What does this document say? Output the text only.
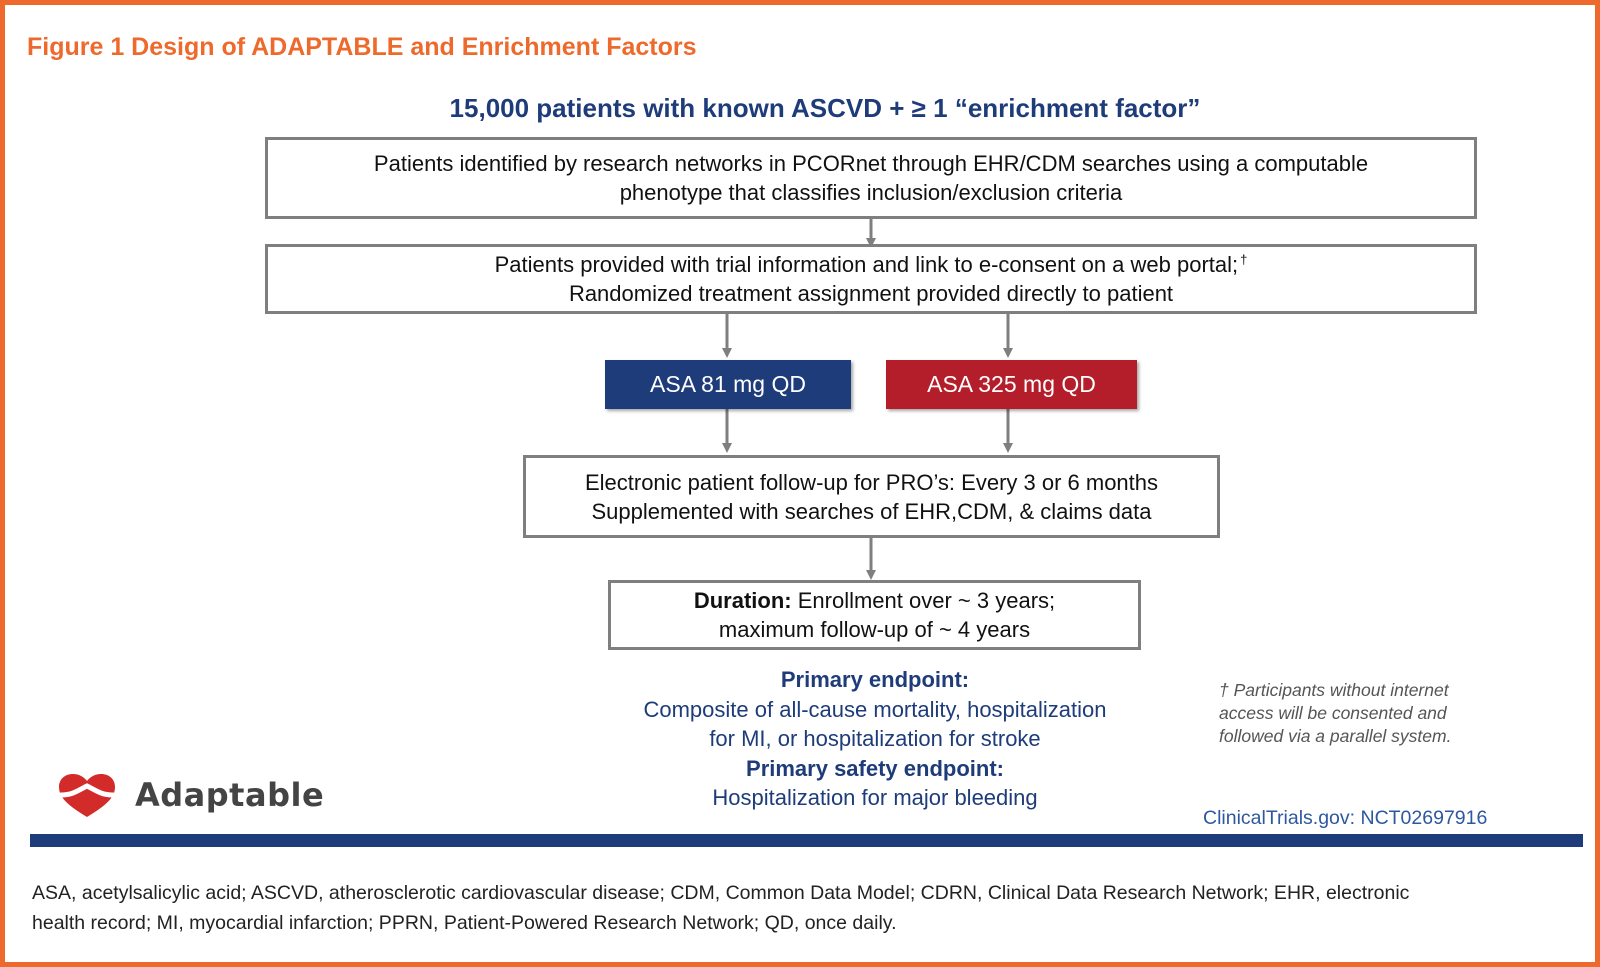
Figure 1 Design of ADAPTABLE and Enrichment Factors
15,000 patients with known ASCVD + ≥ 1 “enrichment factor”
Patients identified by research networks in PCORnet through EHR/CDM searches using a computable
phenotype that classifies inclusion/exclusion criteria
Patients provided with trial information and link to e-consent on a web portal; †
Randomized treatment assignment provided directly to patient
ASA 81 mg QD	ASA 325 mg QD
Electronic patient follow-up for PRO’s: Every 3 or 6 months
Supplemented with searches of EHR,CDM, & claims data
Duration: Enrollment over ~ 3 years;
maximum follow-up of ~ 4 years
Primary endpoint:
Composite of all-cause mortality, hospitalization
for MI, or hospitalization for stroke
Primary safety endpoint:
Hospitalization for major bleeding
† Participants without internet
access will be consented and
followed via a parallel system.
Adaptable
ClinicalTrials.gov: NCT02697916
ASA, acetylsalicylic acid; ASCVD, atherosclerotic cardiovascular disease; CDM, Common Data Model; CDRN, Clinical Data Research Network; EHR, electronic
health record; MI, myocardial infarction; PPRN, Patient-Powered Research Network; QD, once daily.
